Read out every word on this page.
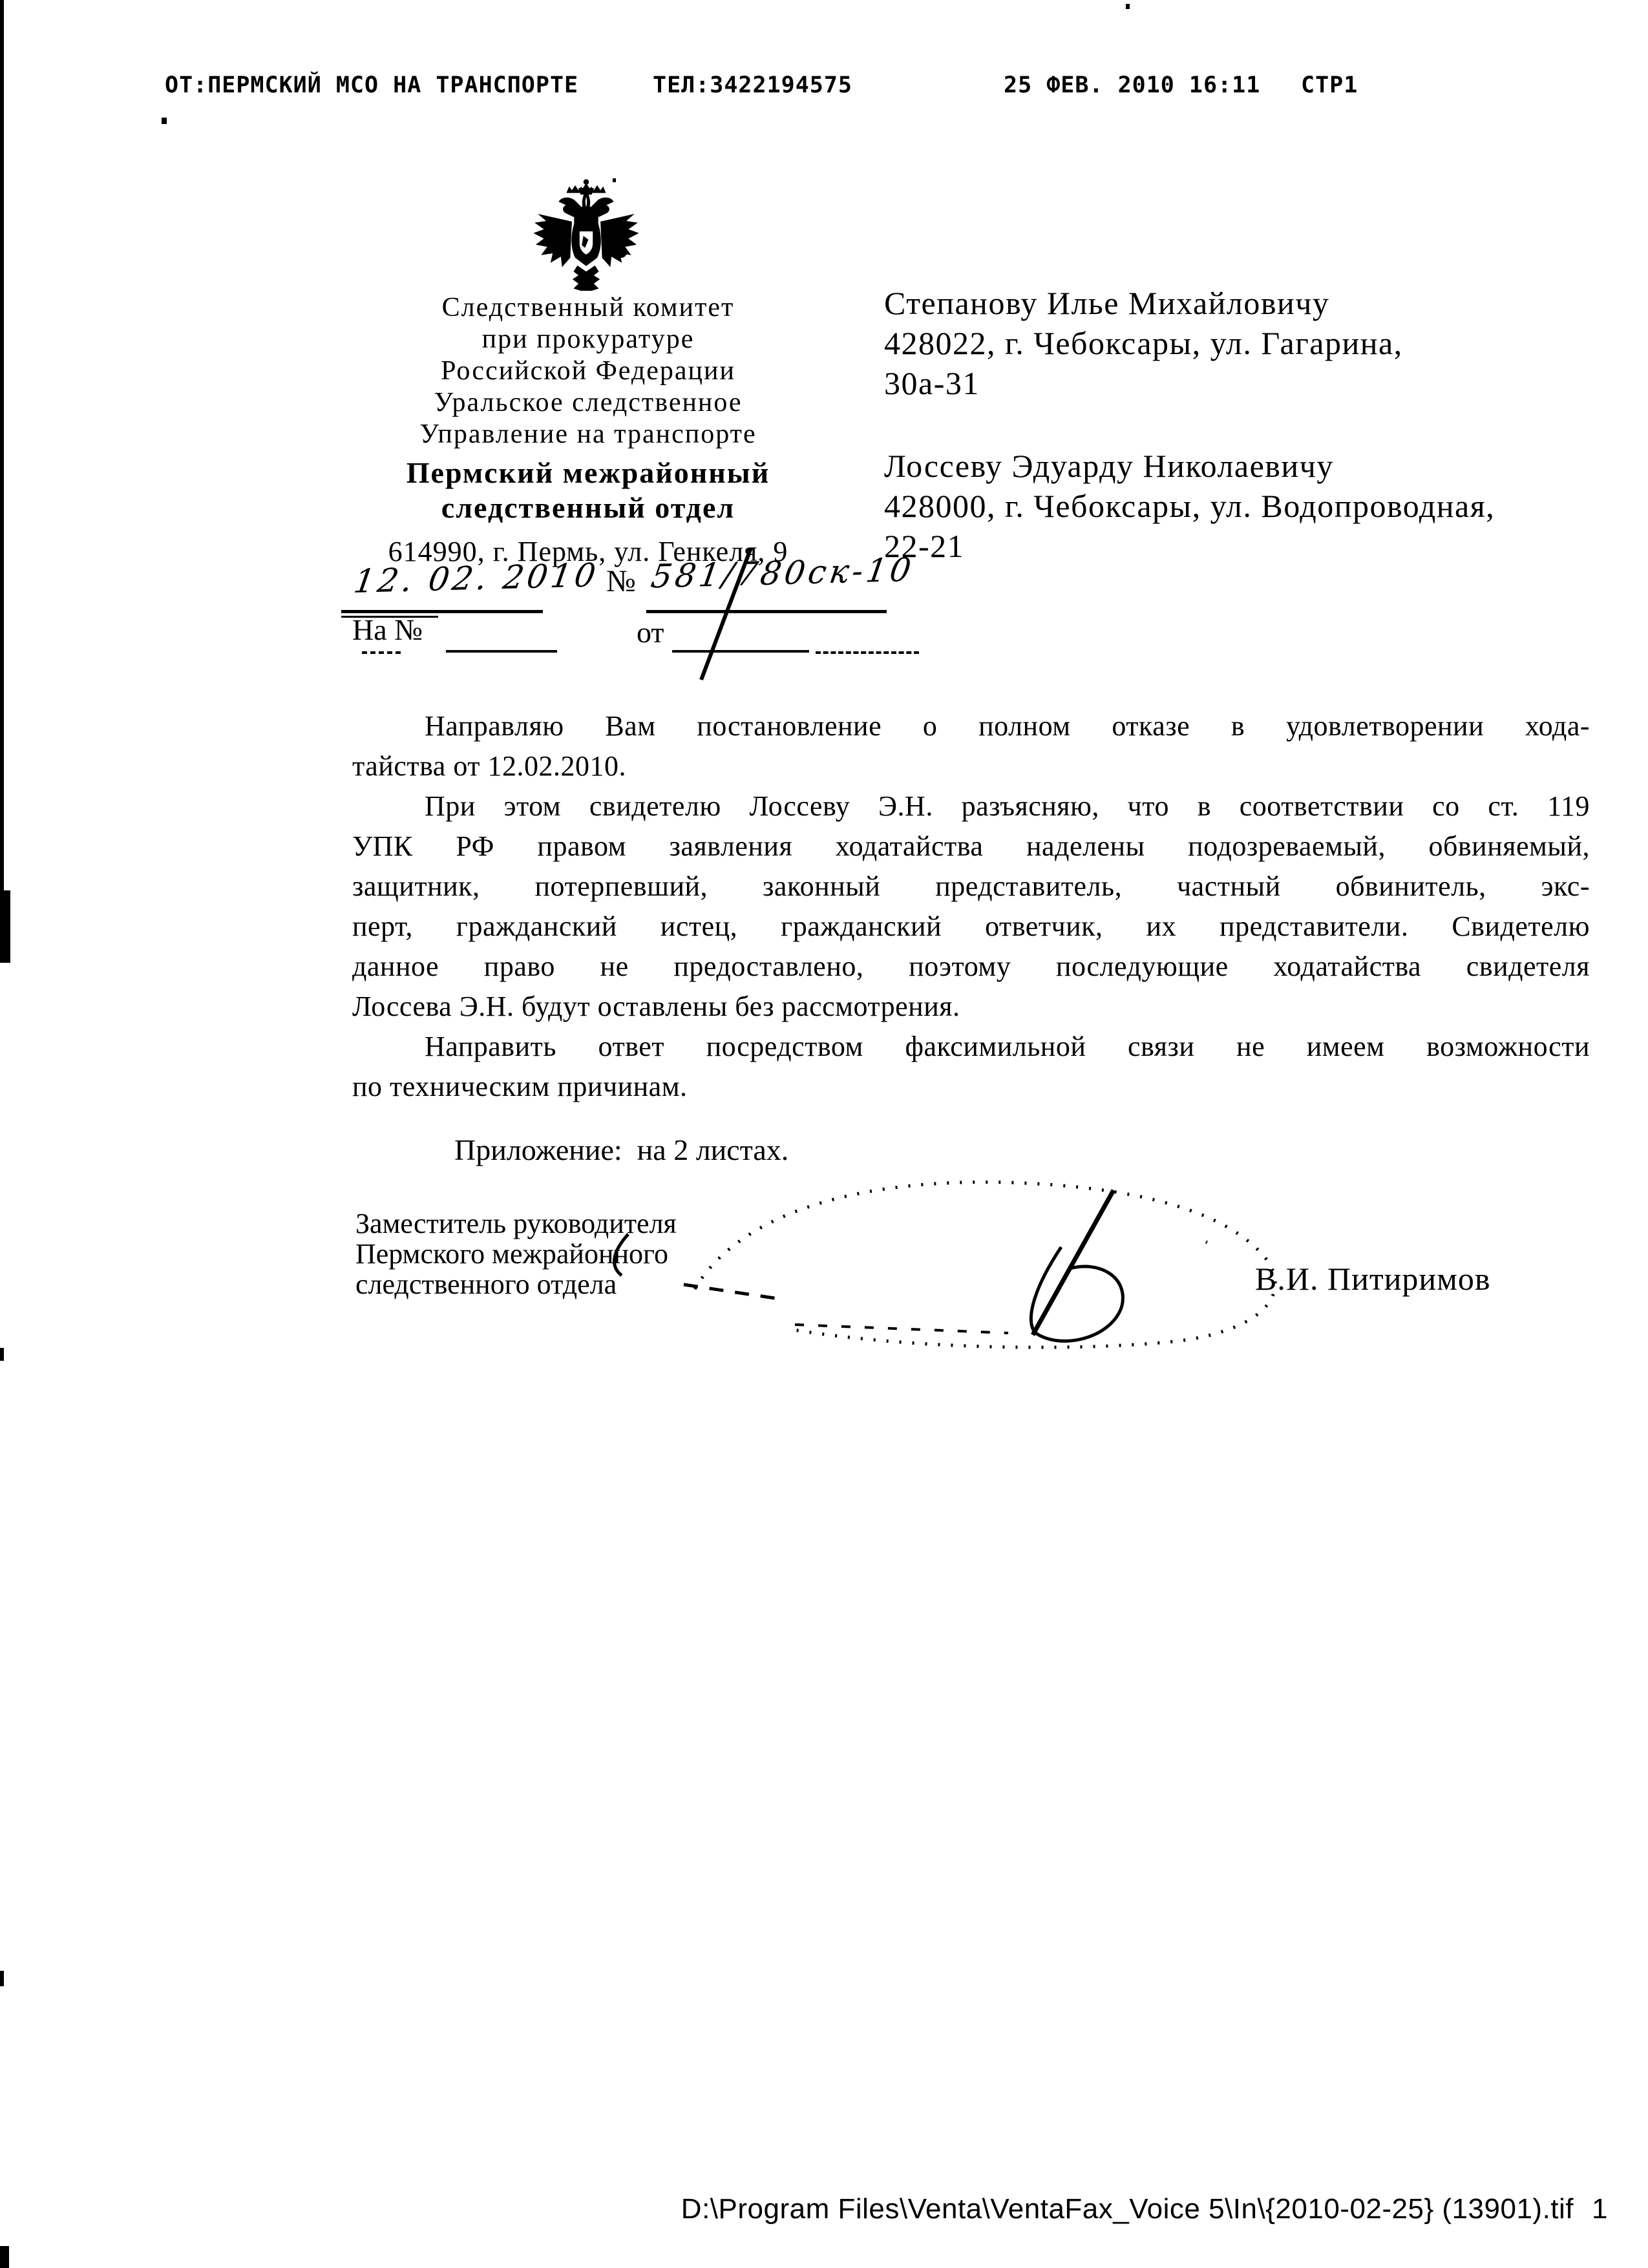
ОТ:ПЕРМСКИЙ МСО НА ТРАНСПОРТЕ	ТЕЛ:3422194575	25 ФЕВ. 2010 16:11 СТР1
Следственный комитет
при прокуратуре
Российской Федерации
Уральское следственное
Управление на транспорте
Пермский межрайонный
следственный отдел
614990, г. Пермь, ул. Генкеля, 9
12. 02. 2010 № 581/780ск-10
На №	от
Степанову Илье Михайловичу
428022, г. Чебоксары, ул. Гагарина,
30а-31
Лоссеву Эдуарду Николаевичу
428000, г. Чебоксары, ул. Водопроводная,
22-21
Направляю Вам постановление о полном отказе в удовлетворении хода-
тайства от 12.02.2010.
При этом свидетелю Лоссеву Э.Н. разъясняю, что в соответствии со ст. 119
УПК РФ правом заявления ходатайства наделены подозреваемый, обвиняемый,
защитник, потерпевший, законный представитель, частный обвинитель, экс-
перт, гражданский истец, гражданский ответчик, их представители. Свидетелю
данное право не предоставлено, поэтому последующие ходатайства свидетеля
Лоссева Э.Н. будут оставлены без рассмотрения.
Направить ответ посредством факсимильной связи не имеем возможности
по техническим причинам.
Приложение:  на 2 листах.
Заместитель руководителя
Пермского межрайонного
следственного отдела	В.И. Питиримов
D:\Program Files\Venta\VentaFax_Voice 5\In\{2010-02-25} (13901).tif 1
